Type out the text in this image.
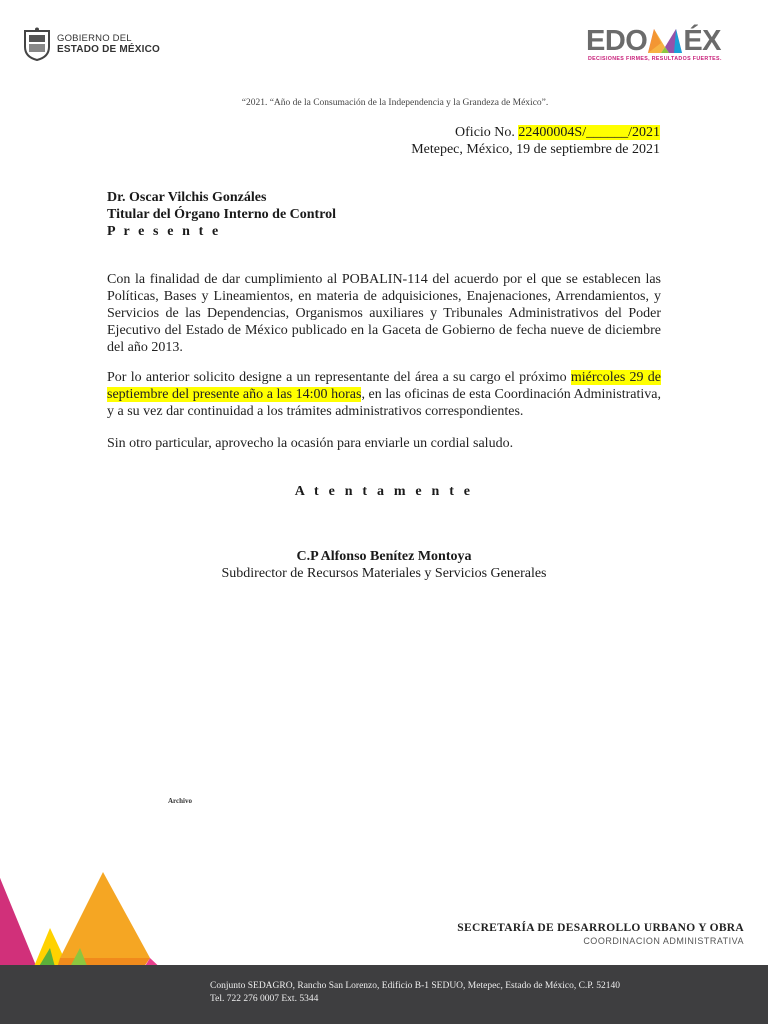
GOBIERNO DEL
ESTADO DE MÉXICO	EDO ÉX
DECISIONES FIRMES, RESULTADOS FUERTES.
“2021. “Año de la Consumación de la Independencia y la Grandeza de México”.
Oficio No. 22400004S/______/2021
Metepec, México, 19 de septiembre de 2021
Dr. Oscar Vilchis Gonzáles
Titular del Órgano Interno de Control
P r e s e n t e
Con la finalidad de dar cumplimiento al POBALIN-114 del acuerdo por el que se establecen las Políticas, Bases y Lineamientos, en materia de adquisiciones, Enajenaciones, Arrendamientos, y Servicios de las Dependencias, Organismos auxiliares y Tribunales Administrativos del Poder Ejecutivo del Estado de México publicado en la Gaceta de Gobierno de fecha nueve de diciembre del año 2013.
Por lo anterior solicito designe a un representante del área a su cargo el próximo miércoles 29 de septiembre del presente año a las 14:00 horas, en las oficinas de esta Coordinación Administrativa, y a su vez dar continuidad a los trámites administrativos correspondientes.
Sin otro particular, aprovecho la ocasión para enviarle un cordial saludo.
A t e n t a m e n t e
C.P Alfonso Benítez Montoya
Subdirector de Recursos Materiales y Servicios Generales
Archivo
SECRETARÍA DE DESARROLLO URBANO Y OBRA
COORDINACION ADMINISTRATIVA
Conjunto SEDAGRO, Rancho San Lorenzo, Edificio B-1 SEDUO, Metepec, Estado de México, C.P. 52140
Tel. 722 276 0007 Ext. 5344
